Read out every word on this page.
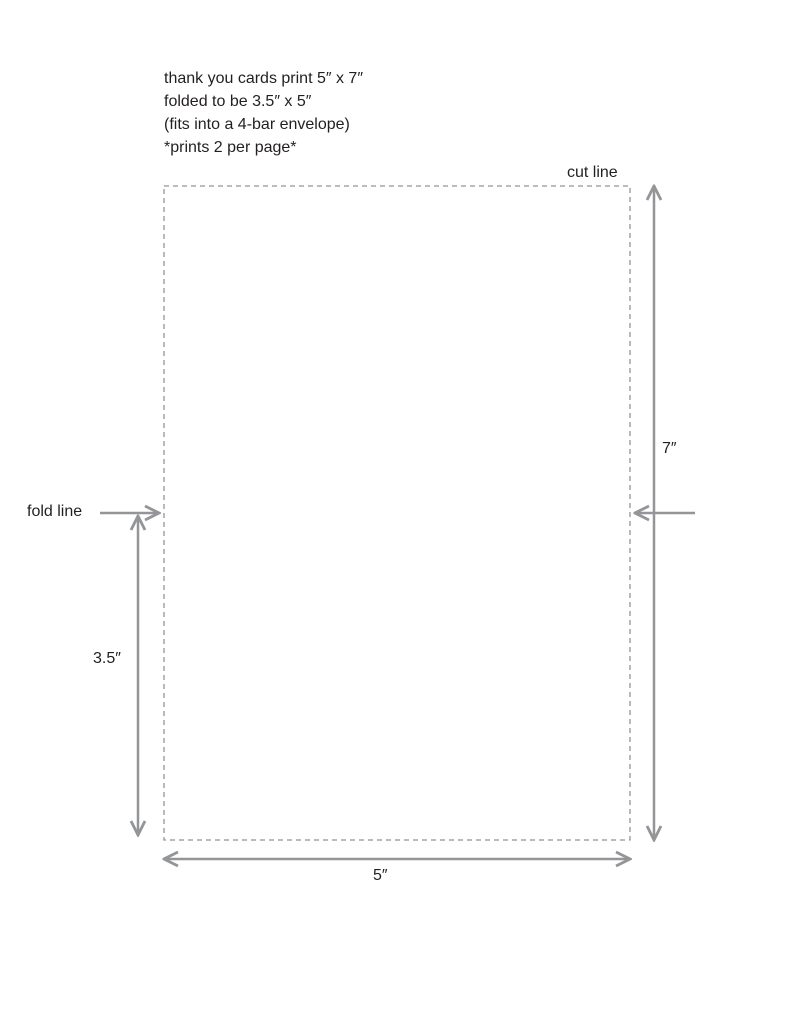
thank you cards print 5″ x 7″
folded to be 3.5″ x 5″
(fits into a 4-bar envelope)
*prints 2 per page*
cut line
fold line
7″
3.5″
5″
